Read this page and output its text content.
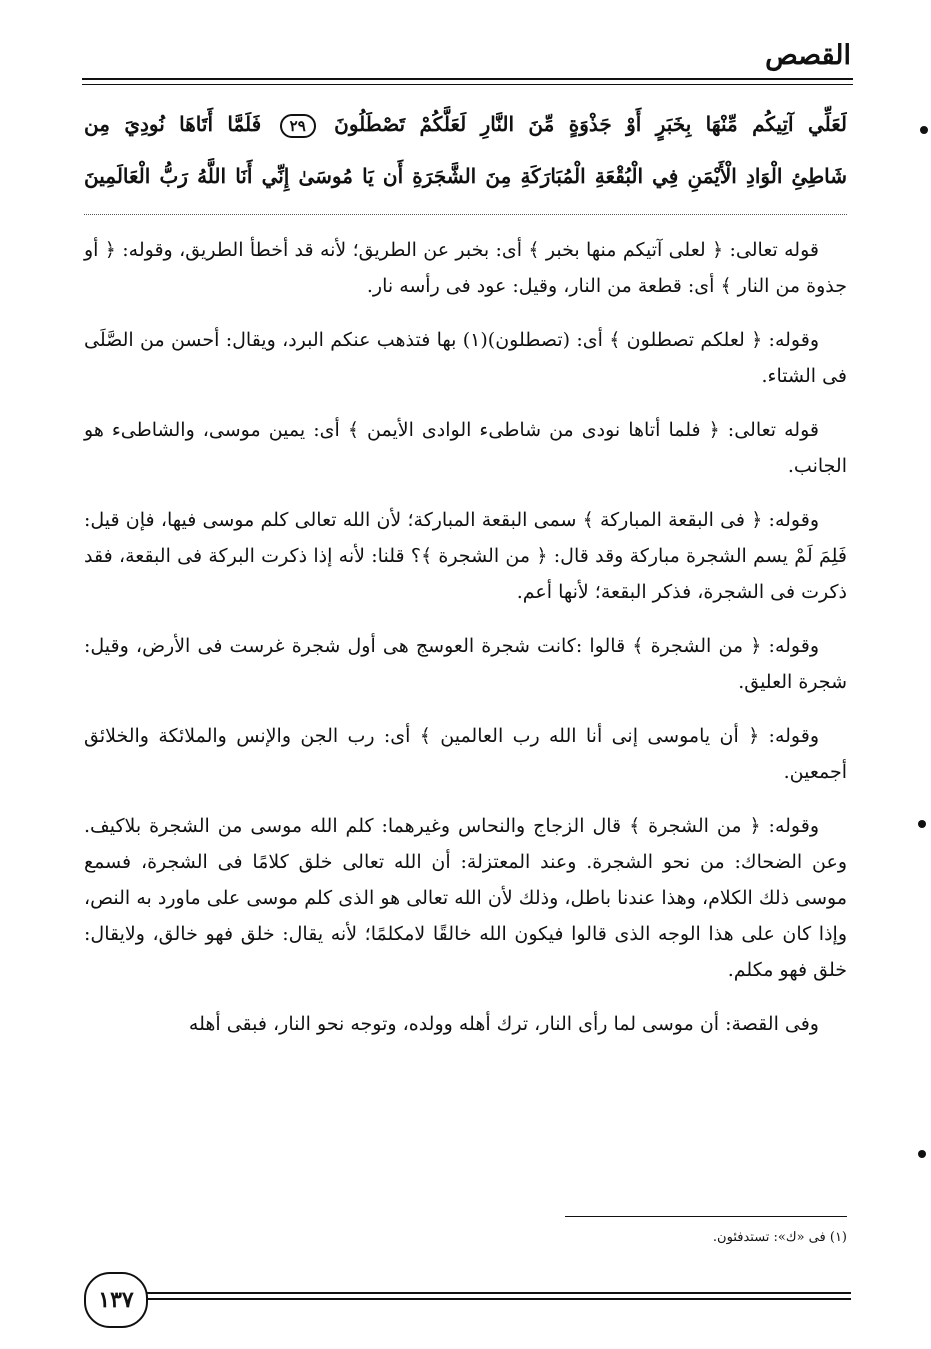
القصص
لَعَلِّي آتِيكُم مِّنْهَا بِخَبَرٍ أَوْ جَذْوَةٍ مِّنَ النَّارِ لَعَلَّكُمْ تَصْطَلُونَ ٢٩ فَلَمَّا أَتَاهَا نُودِيَ مِن
شَاطِئِ الْوَادِ الْأَيْمَنِ فِي الْبُقْعَةِ الْمُبَارَكَةِ مِنَ الشَّجَرَةِ أَن يَا مُوسَىٰ إِنِّي أَنَا اللَّهُ رَبُّ الْعَالَمِينَ

قوله تعالى: ﴿ لعلى آتيكم منها بخبر ﴾ أى: بخبر عن الطريق؛ لأنه قد أخطأ الطريق، وقوله: ﴿ أو جذوة من النار ﴾ أى: قطعة من النار، وقيل: عود فى رأسه نار.

وقوله: ﴿ لعلكم تصطلون ﴾ أى: (تصطلون)(١) بها فتذهب عنكم البرد، ويقال: أحسن من الصَّلَى فى الشتاء.

قوله تعالى: ﴿ فلما أتاها نودى من شاطىء الوادى الأيمن ﴾ أى: يمين موسى، والشاطىء هو الجانب.

وقوله: ﴿ فى البقعة المباركة ﴾ سمى البقعة المباركة؛ لأن الله تعالى كلم موسى فيها، فإن قيل: فَلِمَ لَمْ يسم الشجرة مباركة وقد قال: ﴿ من الشجرة ﴾؟ قلنا: لأنه إذا ذكرت البركة فى البقعة، فقد ذكرت فى الشجرة، فذكر البقعة؛ لأنها أعم.

وقوله: ﴿ من الشجرة ﴾ قالوا :كانت شجرة العوسج هى أول شجرة غرست فى الأرض، وقيل: شجرة العليق.

وقوله: ﴿ أن ياموسى إنى أنا الله رب العالمين ﴾ أى: رب الجن والإنس والملائكة والخلائق أجمعين.

وقوله: ﴿ من الشجرة ﴾ قال الزجاج والنحاس وغيرهما: كلم الله موسى من الشجرة بلاكيف. وعن الضحاك: من نحو الشجرة. وعند المعتزلة: أن الله تعالى خلق كلامًا فى الشجرة، فسمع موسى ذلك الكلام، وهذا عندنا باطل، وذلك لأن الله تعالى هو الذى كلم موسى على ماورد به النص، وإذا كان على هذا الوجه الذى قالوا فيكون الله خالقًا لامكلمًا؛ لأنه يقال: خلق فهو خالق، ولايقال: خلق فهو مكلم.

وفى القصة: أن موسى لما رأى النار، ترك أهله وولده، وتوجه نحو النار، فبقى أهله

(١) فى «ك»: تستدفئون.
١٣٧
